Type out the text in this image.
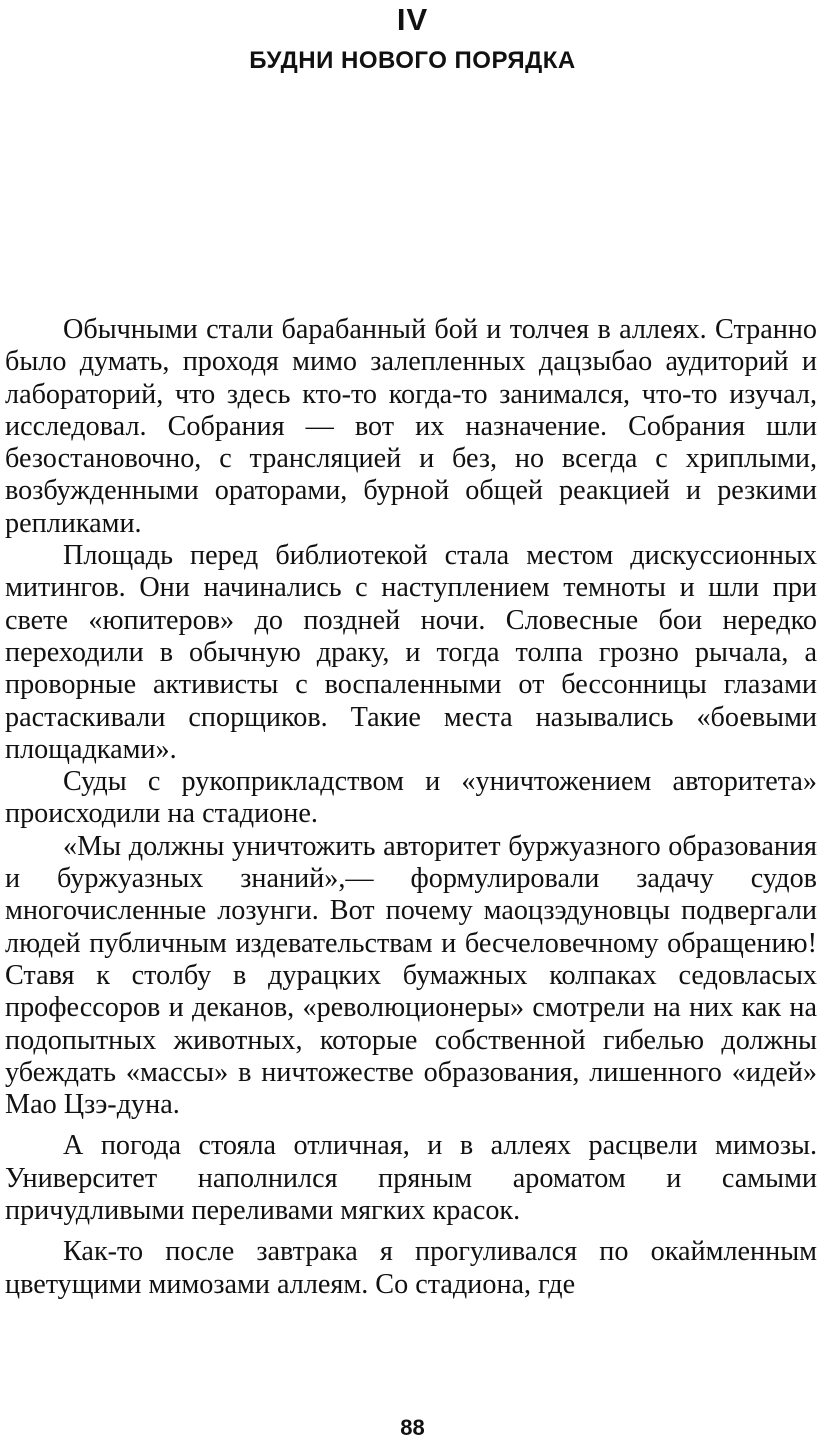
IV
БУДНИ НОВОГО ПОРЯДКА

Обычными стали барабанный бой и толчея в аллеях. Странно было думать, проходя мимо залепленных дацзыбао аудиторий и лабораторий, что здесь кто-то когда-то занимался, что-то изучал, исследовал. Собрания — вот их назначение. Собрания шли безостановочно, с трансляцией и без, но всегда с хриплыми, возбужденными ораторами, бурной общей реакцией и резкими репликами.

Площадь перед библиотекой стала местом дискуссионных митингов. Они начинались с наступлением темноты и шли при свете «юпитеров» до поздней ночи. Словесные бои нередко переходили в обычную драку, и тогда толпа грозно рычала, а проворные активисты с воспаленными от бессонницы глазами растаскивали спорщиков. Такие места назывались «боевыми площадками».

Суды с рукоприкладством и «уничтожением авторитета» происходили на стадионе.

«Мы должны уничтожить авторитет буржуазного образования и буржуазных знаний»,— формулировали задачу судов многочисленные лозунги. Вот почему маоцзэдуновцы подвергали людей публичным издевательствам и бесчеловечному обращению! Ставя к столбу в дурацких бумажных колпаках седовласых профессоров и деканов, «революционеры» смотрели на них как на подопытных животных, которые собственной гибелью должны убеждать «массы» в ничтожестве образования, лишенного «идей» Мао Цзэ-дуна.

А погода стояла отличная, и в аллеях расцвели мимозы. Университет наполнился пряным ароматом и самыми причудливыми переливами мягких красок.

Как-то после завтрака я прогуливался по окаймленным цветущими мимозами аллеям. Со стадиона, где

88
